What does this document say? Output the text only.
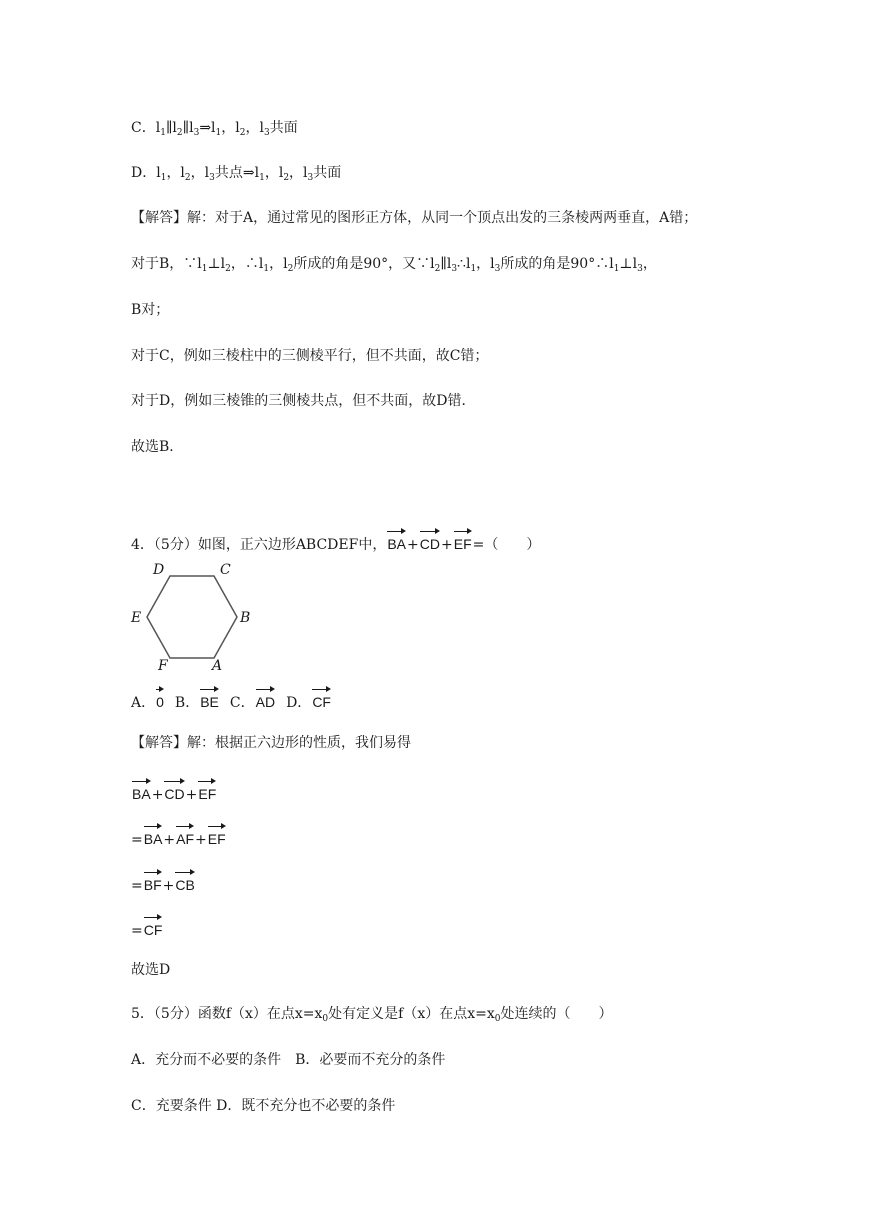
C．$l_1\parallel l_2\parallel l_3\Rightarrow l_1$，$l_2$，$l_3$共面
D．$l_1$，$l_2$，$l_3$共点$\Rightarrow l_1$，$l_2$，$l_3$共面
【解答】解：对于A，通过常见的图形正方体，从同一个顶点出发的三条棱两两垂直，A错；
对于B，$\because l_1\perp l_2$，$\therefore l_1$，$l_2$所成的角是90°，又$\because l_2\parallel l_3\therefore l_1$，$l_3$所成的角是$90^\circ\therefore l_1\perp l_3$，
B对；
对于C，例如三棱柱中的三侧棱平行，但不共面，故C错；
对于D，例如三棱锥的三侧棱共点，但不共面，故D错．
故选B．
4．（5分）如图，正六边形ABCDEF中，BA+CD+EF=（　　）
A
B
C
D
E
F
A．0 B．BE C．AD D．CF
【解答】解：根据正六边形的性质，我们易得
BA+CD+EF
=BA+AF+EF
=BF+CB
=CF
故选D
5．（5分）函数f（x）在点$x=x_0$处有定义是f（x）在点$x=x_0$处连续的（　　）
A．充分而不必要的条件　B．必要而不充分的条件
C．充要条件 D．既不充分也不必要的条件
